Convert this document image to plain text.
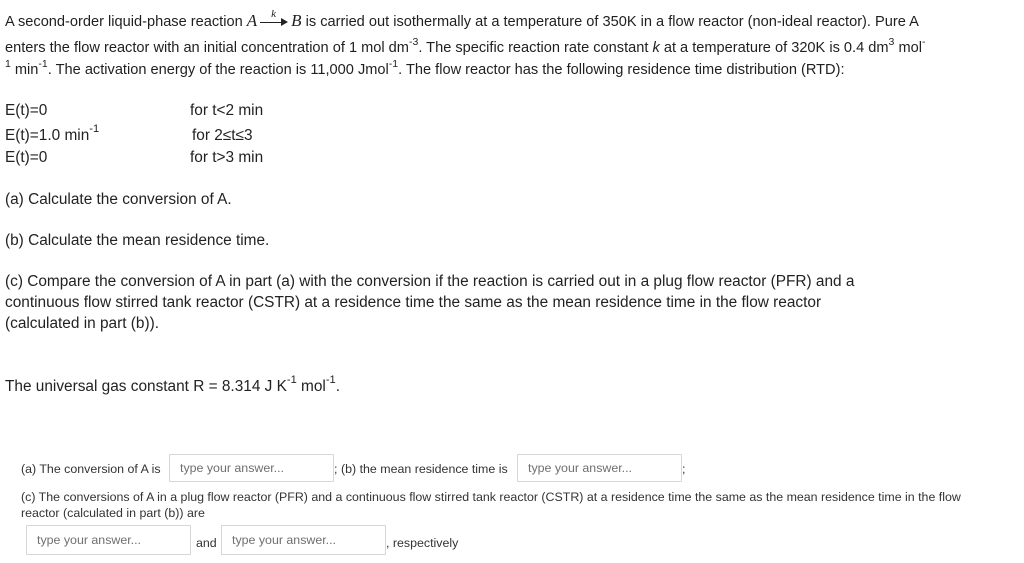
A second-order liquid-phase reaction A k B is carried out isothermally at a temperature of 350K in a flow reactor (non-ideal reactor). Pure A
enters the flow reactor with an initial concentration of 1 mol $dm^{-3}$. The specific reaction rate constant k at a temperature of 320K is 0.4 $dm^3$ mol-
$^1$ $\min^{-1}$. The activation energy of the reaction is 11,000 Jmol$^{-1}$. The flow reactor has the following residence time distribution (RTD):
E(t)=0	for t<2 min
E(t)=1.0 $\min^{-1}$	for 2≤t≤3
E(t)=0	for t>3 min
(a) Calculate the conversion of A.
(b) Calculate the mean residence time.
(c) Compare the conversion of A in part (a) with the conversion if the reaction is carried out in a plug flow reactor (PFR) and a
continuous flow stirred tank reactor (CSTR) at a residence time the same as the mean residence time in the flow reactor
(calculated in part (b)).
The universal gas constant R = 8.314 J $K^{-1}$ mol$^{-1}$.
(a) The conversion of A is
type your answer...	; (b) the mean residence time is
type your answer...	;
(c) The conversions of A in a plug flow reactor (PFR) and a continuous flow stirred tank reactor (CSTR) at a residence time the same as the mean residence time in the flow
reactor (calculated in part (b)) are
type your answer...
and
type your answer...	, respectively
